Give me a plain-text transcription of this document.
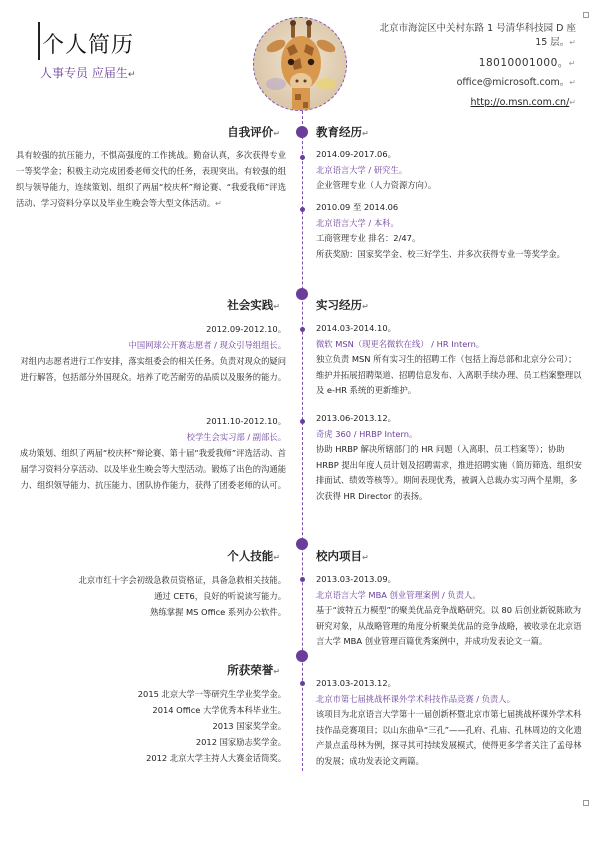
个人简历
人事专员 应届生↵
北京市海淀区中关村东路 1 号清华科技园 D 座 15 层。↵
18010001000。↵
office@microsoft.com。↵
http://o.msn.com.cn/↵
自我评价↵
具有较强的抗压能力，不惧高强度的工作挑战。勤奋认真，多次获得专业一等奖学金；积极主动完成团委老师交代的任务，表现突出。有较强的组织与领导能力，连续策划、组织了两届“校庆杯”辩论赛、“我爱我师”评选活动、学习资料分享以及毕业生晚会等大型文体活动。↵
教育经历↵
2014.09-2017.06。
北京语言大学 / 研究生。
企业管理专业（人力资源方向）。
2010.09 至 2014.06
北京语言大学 / 本科。
工商管理专业 排名：2/47。
所获奖励：国家奖学金、校三好学生、并多次获得专业一等奖学金。
社会实践↵
2012.09-2012.10。
中国网球公开赛志愿者 / 现众引导组组长。
对组内志愿者进行工作安排，落实组委会的相关任务。负责对现众的疑问进行解答，包括部分外国现众。培养了吃苦耐劳的品质以及服务的能力。
2011.10-2012.10。
校学生会实习部 / 副部长。
成功策划、组织了两届“校庆杯”辩论赛、第十届“我爱我师”评选活动、首届学习资料分享活动、以及毕业生晚会等大型活动。锻炼了出色的沟通能力、组织领导能力、抗压能力、团队协作能力，获得了团委老师的认可。
实习经历↵
2014.03-2014.10。
微软 MSN（现更名微软在线） / HR Intern。
独立负责 MSN 所有实习生的招聘工作（包括上海总部和北京分公司）；维护并拓展招聘渠道、招聘信息发布、入离职手续办理、员工档案整理以及 e-HR 系统的更新维护。
2013.06-2013.12。
奇虎 360 / HRBP Intern。
协助 HRBP 解决所辖部门的 HR 问题（入离职、员工档案等）；协助 HRBP 提出年度人员计划及招聘需求，推进招聘实施（简历筛选、组织安排面试、绩效等核等）。期间表现优秀，被调入总裁办实习两个星期，多次获得 HR Director 的表扬。
个人技能↵
北京市红十字会初级急救员资格证，具备急救相关技能。
通过 CET6，良好的听说读写能力。
熟练掌握 MS Office 系列办公软件。
校内项目↵
2013.03-2013.09。
北京语言大学 MBA 创业管理案例 / 负责人。
基于“波特五力模型”的聚美优品竞争战略研究。以 80 后创业新锐陈欧为研究对象，从战略管理的角度分析聚美优品的竞争战略，被收录在北京语言大学 MBA 创业管理百篇优秀案例中，并成功发表论文一篇。
2013.03-2013.12。
北京市第七届挑战杯课外学术科技作品竞赛 / 负责人。
该项目为北京语言大学第十一届创新杯暨北京市第七届挑战杯课外学术科技作品竞赛项目；以山东曲阜“三孔”——孔府、孔庙、孔林周边的文化遗产景点孟母林为例，探寻其可持续发展模式，使得更多学者关注了孟母林的发展；成功发表论文两篇。
所获荣誉↵
2015 北京大学一等研究生学业奖学金。
2014 Office 大学优秀本科毕业生。
2013 国家奖学金。
2012 国家励志奖学金。
2012 北京大学主持人大赛金话筒奖。
